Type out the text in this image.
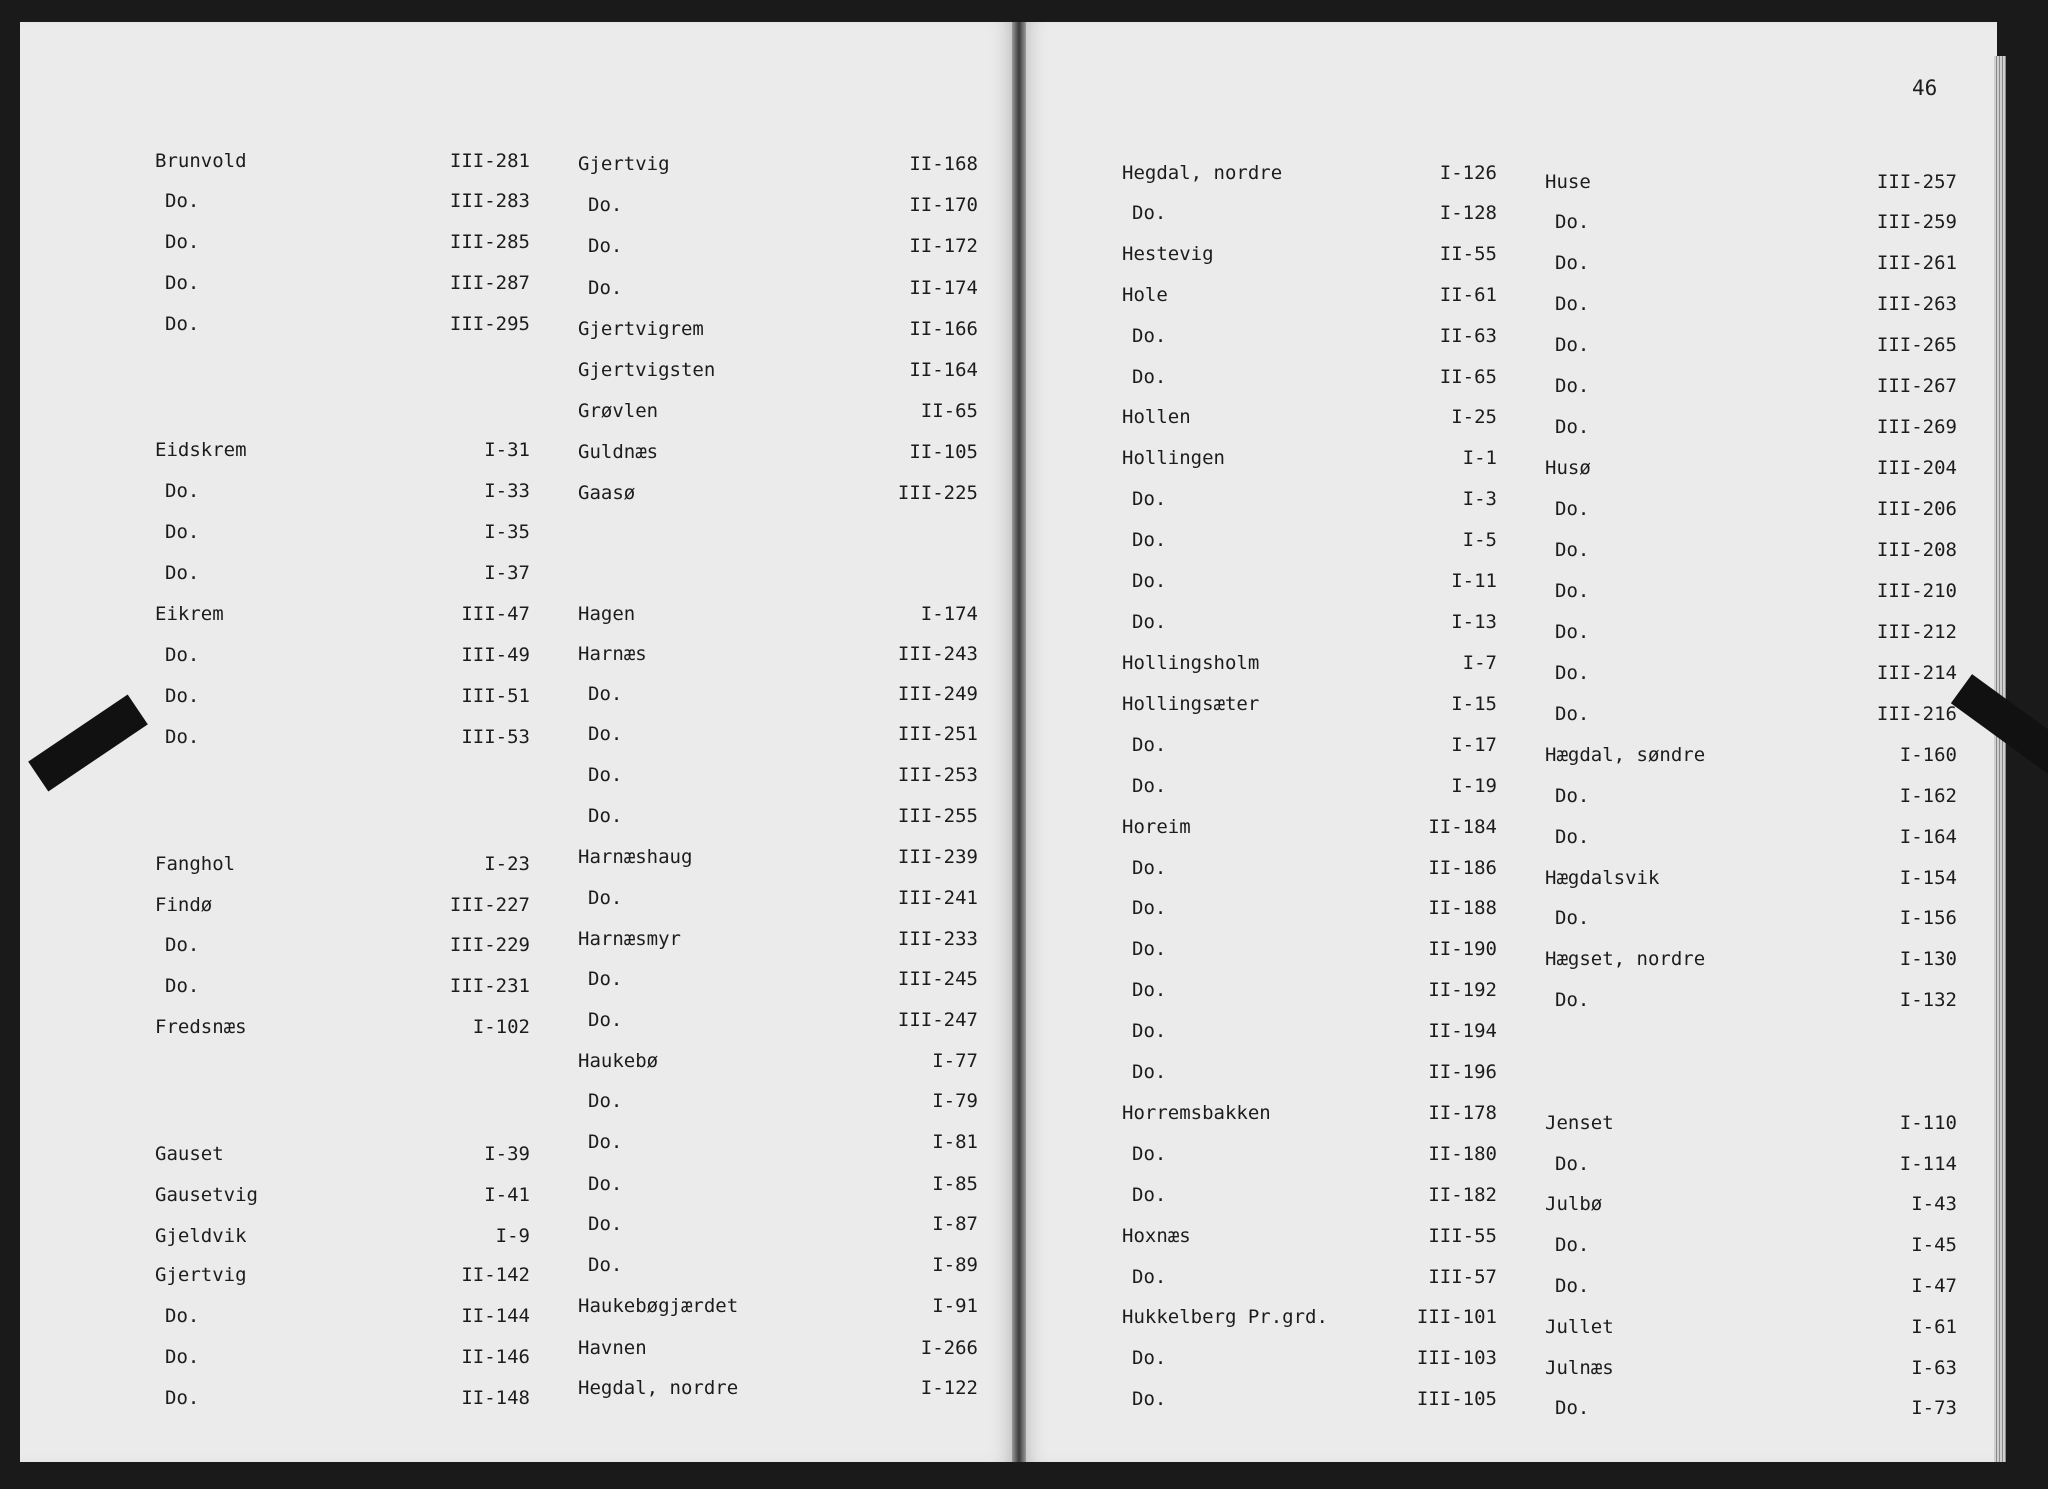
46
Brunvold	III-281
Do.	III-283
Do.	III-285
Do.	III-287
Do.	III-295
Eidskrem	I-31
Do.	I-33
Do.	I-35
Do.	I-37
Eikrem	III-47
Do.	III-49
Do.	III-51
Do.	III-53
Fanghol	I-23
Findø	III-227
Do.	III-229
Do.	III-231
Fredsnæs	I-102
Gauset	I-39
Gausetvig	I-41
Gjeldvik	I-9
Gjertvig	II-142
Do.	II-144
Do.	II-146
Do.	II-148
Gjertvig	II-168
Do.	II-170
Do.	II-172
Do.	II-174
Gjertvigrem	II-166
Gjertvigsten	II-164
Grøvlen	II-65
Guldnæs	II-105
Gaasø	III-225
Hagen	I-174
Harnæs	III-243
Do.	III-249
Do.	III-251
Do.	III-253
Do.	III-255
Harnæshaug	III-239
Do.	III-241
Harnæsmyr	III-233
Do.	III-245
Do.	III-247
Haukebø	I-77
Do.	I-79
Do.	I-81
Do.	I-85
Do.	I-87
Do.	I-89
Haukebøgjærdet	I-91
Havnen	I-266
Hegdal, nordre	I-122
Hegdal, nordre	I-126
Do.	I-128
Hestevig	II-55
Hole	II-61
Do.	II-63
Do.	II-65
Hollen	I-25
Hollingen	I-1
Do.	I-3
Do.	I-5
Do.	I-11
Do.	I-13
Hollingsholm	I-7
Hollingsæter	I-15
Do.	I-17
Do.	I-19
Horeim	II-184
Do.	II-186
Do.	II-188
Do.	II-190
Do.	II-192
Do.	II-194
Do.	II-196
Horremsbakken	II-178
Do.	II-180
Do.	II-182
Hoxnæs	III-55
Do.	III-57
Hukkelberg Pr.grd.	III-101
Do.	III-103
Do.	III-105
Huse	III-257
Do.	III-259
Do.	III-261
Do.	III-263
Do.	III-265
Do.	III-267
Do.	III-269
Husø	III-204
Do.	III-206
Do.	III-208
Do.	III-210
Do.	III-212
Do.	III-214
Do.	III-216
Hægdal, søndre	I-160
Do.	I-162
Do.	I-164
Hægdalsvik	I-154
Do.	I-156
Hægset, nordre	I-130
Do.	I-132
Jenset	I-110
Do.	I-114
Julbø	I-43
Do.	I-45
Do.	I-47
Jullet	I-61
Julnæs	I-63
Do.	I-73
